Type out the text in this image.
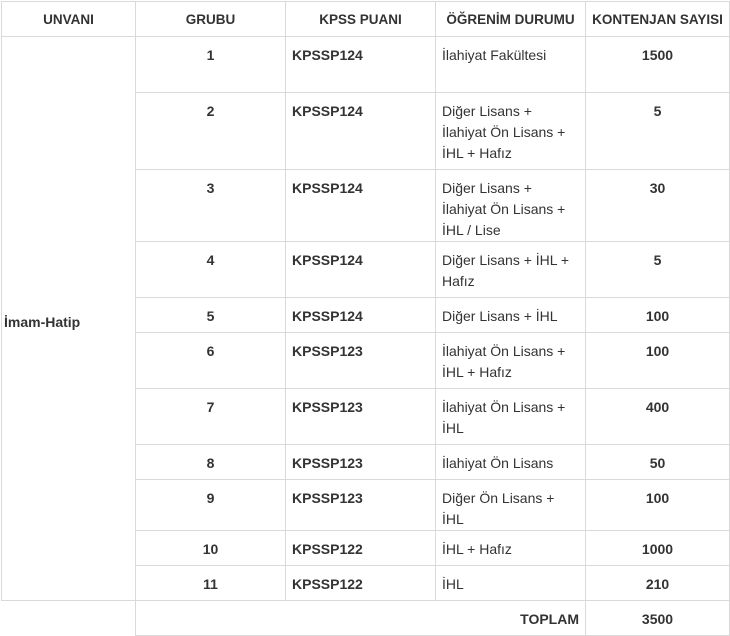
UNVANI	GRUBU	KPSS PUANI	ÖĞRENİM DURUMU	KONTENJAN SAYISI
İmam-Hatip	1	KPSSP124	İlahiyat Fakültesi	1500
	2	KPSSP124	Diğer Lisans + İlahiyat Ön Lisans + İHL + Hafız	5
	3	KPSSP124	Diğer Lisans + İlahiyat Ön Lisans + İHL / Lise	30
	4	KPSSP124	Diğer Lisans + İHL + Hafız	5
	5	KPSSP124	Diğer Lisans + İHL	100
	6	KPSSP123	İlahiyat Ön Lisans + İHL + Hafız	100
	7	KPSSP123	İlahiyat Ön Lisans + İHL	400
	8	KPSSP123	İlahiyat Ön Lisans	50
	9	KPSSP123	Diğer Ön Lisans + İHL	100
	10	KPSSP122	İHL + Hafız	1000
	11	KPSSP122	İHL	210
	TOPLAM			3500
